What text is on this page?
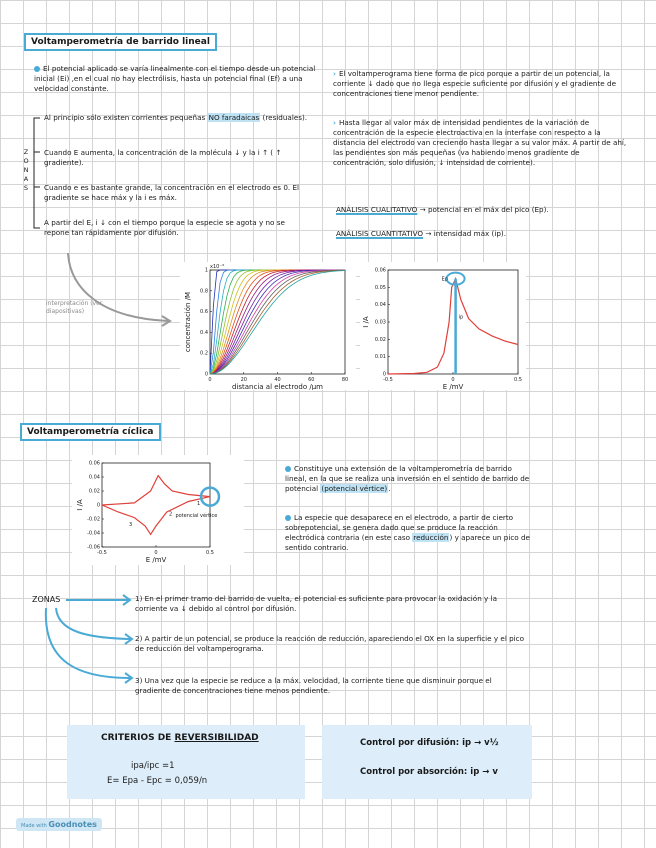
Voltamperometría de barrido lineal
El potencial aplicado se varía linealmente con el tiempo desde un potencial inicial (Ei) ,en el cual no hay electrólisis, hasta un potencial final (Ef) a una velocidad constante.
Z
O
N
A
S
Al principio sólo existen corrientes pequeñas NO faradaicas (residuales).
Cuando E aumenta, la concentración de la molécula ↓ y la i ↑ ( ↑ gradiente).
Cuando e es bastante grande, la concentración en el electrodo es 0. El gradiente se hace máx y la i es máx.
A partir del E, i ↓ con el tiempo porque la especie se agota y no se repone tan rápidamente por difusión.
› El voltamperograma tiene forma de pico porque a partir de un potencial, la corriente ↓ dado que no llega especie suficiente por difusión y el gradiente de concentraciones tiene menor pendiente.
› Hasta llegar al valor máx de intensidad pendientes de la variación de concentración de la especie electroactiva en la interfase con respecto a la distancia del electrodo van creciendo hasta llegar a su valor máx. A partir de ahí, las pendientes son más pequeñas (va habiendo menos gradiente de concentración, solo difusión, ↓ intensidad de corriente).
ANÁLISIS CUALITATIVO → potencial en el máx del pico (Ep).
ANÁLISIS CUANTITATIVO → intensidad máx (ip).
interpretación (ver diapositivas)
0	20	40	60	80
0
0.2
0.4
0.6
0.8
1
x10⁻³
distancia al electrodo /µm
concentración /M
-0.5	0	0.5
0
0.01
0.02
0.03
0.04
0.05
0.06
E /mV
I /A
Ep
ip
Voltamperometría cíclica
-0.5	0	0.5
-0.06
-0.04
-0.02
0
0.02
0.04
0.06
E /mV
I /A	1
2
3
potencial vértice
Constituye una extensión de la voltamperometría de barrido lineal, en la que se realiza una inversión en el sentido de barrido de potencial (potencial vértice).
La especie que desaparece en el electrodo, a partir de cierto sobrepotencial, se genera dado que se produce la reacción electródica contraria (en este caso reducción) y aparece un pico de sentido contrario.
ZONAS	1) En el primer tramo del barrido de vuelta, el potencial es suficiente para provocar la oxidación y la corriente va ↓ debido al control por difusión.
2) A partir de un potencial, se produce la reacción de reducción, apareciendo el OX en la superficie y el pico de reducción del voltamperograma.
3) Una vez que la especie se reduce a la máx. velocidad, la corriente tiene que disminuir porque el gradiente de concentraciones tiene menos pendiente.
CRITERIOS DE REVERSIBILIDAD
ipa/ipc =1
E= Epa - Epc = 0,059/n
Control por difusión: ip → v½
Control por absorción: ip → v
Made with Goodnotes
